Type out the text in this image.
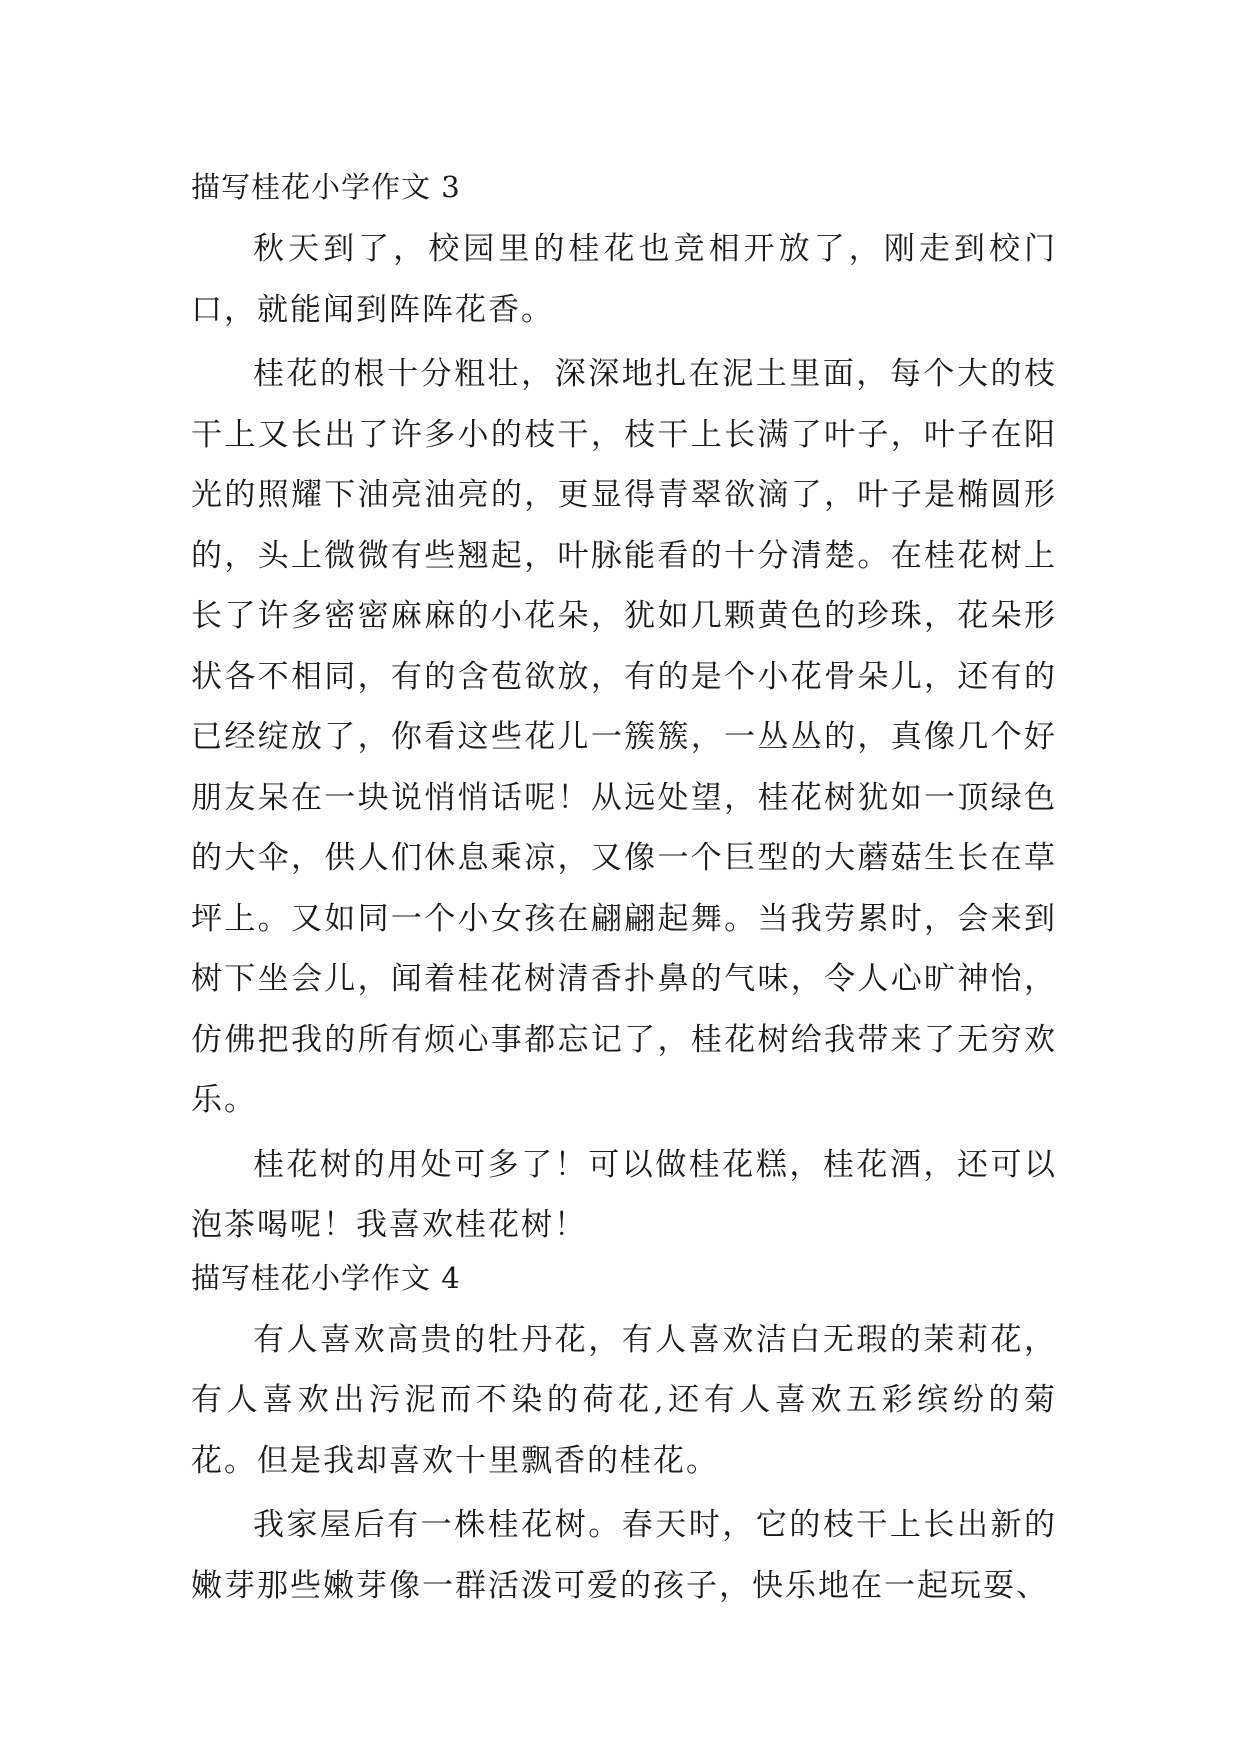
描写桂花小学作文 3

秋天到了，校园里的桂花也竞相开放了，刚走到校门口，就能闻到阵阵花香。

桂花的根十分粗壮，深深地扎在泥土里面，每个大的枝干上又长出了许多小的枝干，枝干上长满了叶子，叶子在阳光的照耀下油亮油亮的，更显得青翠欲滴了，叶子是椭圆形的，头上微微有些翘起，叶脉能看的十分清楚。在桂花树上长了许多密密麻麻的小花朵，犹如几颗黄色的珍珠，花朵形状各不相同，有的含苞欲放，有的是个小花骨朵儿，还有的已经绽放了，你看这些花儿一簇簇，一丛丛的，真像几个好朋友呆在一块说悄悄话呢！从远处望，桂花树犹如一顶绿色的大伞，供人们休息乘凉，又像一个巨型的大蘑菇生长在草坪上。又如同一个小女孩在翩翩起舞。当我劳累时，会来到树下坐会儿，闻着桂花树清香扑鼻的气味，令人心旷神怡，仿佛把我的所有烦心事都忘记了，桂花树给我带来了无穷欢乐。

桂花树的用处可多了！可以做桂花糕，桂花酒，还可以泡茶喝呢！我喜欢桂花树！

描写桂花小学作文 4

有人喜欢高贵的牡丹花，有人喜欢洁白无瑕的茉莉花，有人喜欢出污泥而不染的荷花,还有人喜欢五彩缤纷的菊花。但是我却喜欢十里飘香的桂花。

我家屋后有一株桂花树。春天时，它的枝干上长出新的嫩芽那些嫩芽像一群活泼可爱的孩子，快乐地在一起玩耍、
